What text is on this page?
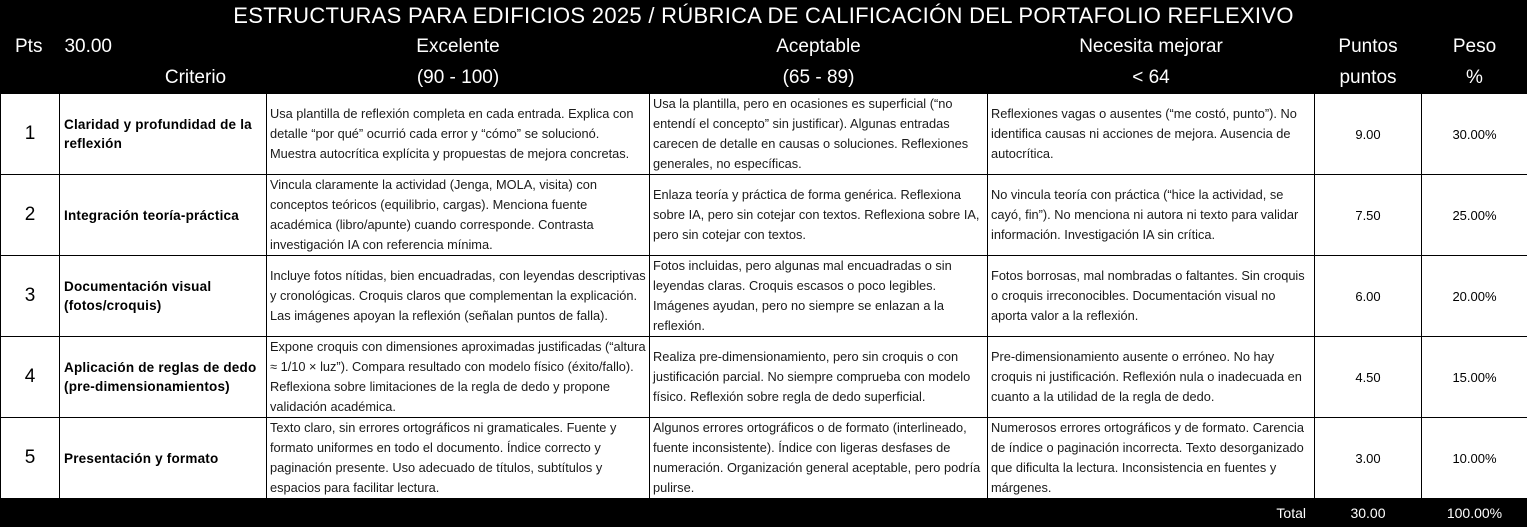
ESTRUCTURAS PARA EDIFICIOS 2025 / RÚBRICA DE CALIFICACIÓN DEL PORTAFOLIO REFLEXIVO
Pts 30.00		Excelente	Aceptable	Necesita mejorar	Puntos	Peso
Criterio		(90 - 100)	(65 - 89)	< 64	puntos	%
1	Claridad y profundidad de la reflexión	Usa plantilla de reflexión completa en cada entrada. Explica con detalle “por qué” ocurrió cada error y “cómo” se solucionó. Muestra autocrítica explícita y propuestas de mejora concretas.	Usa la plantilla, pero en ocasiones es superficial (“no entendí el concepto” sin justificar). Algunas entradas carecen de detalle en causas o soluciones. Reflexiones generales, no específicas.	Reflexiones vagas o ausentes (“me costó, punto”). No identifica causas ni acciones de mejora. Ausencia de autocrítica.	9.00	30.00%
2	Integración teoría-práctica	Vincula claramente la actividad (Jenga, MOLA, visita) con conceptos teóricos (equilibrio, cargas). Menciona fuente académica (libro/apunte) cuando corresponde. Contrasta investigación IA con referencia mínima.	Enlaza teoría y práctica de forma genérica. Reflexiona sobre IA, pero sin cotejar con textos. Reflexiona sobre IA, pero sin cotejar con textos.	No vincula teoría con práctica (“hice la actividad, se cayó, fin”). No menciona ni autora ni texto para validar información. Investigación IA sin crítica.	7.50	25.00%
3	Documentación visual (fotos/croquis)	Incluye fotos nítidas, bien encuadradas, con leyendas descriptivas y cronológicas. Croquis claros que complementan la explicación. Las imágenes apoyan la reflexión (señalan puntos de falla).	Fotos incluidas, pero algunas mal encuadradas o sin leyendas claras. Croquis escasos o poco legibles. Imágenes ayudan, pero no siempre se enlazan a la reflexión.	Fotos borrosas, mal nombradas o faltantes. Sin croquis o croquis irreconocibles. Documentación visual no aporta valor a la reflexión.	6.00	20.00%
4	Aplicación de reglas de dedo (pre-dimensionamientos)	Expone croquis con dimensiones aproximadas justificadas (“altura ≈ 1/10 × luz”). Compara resultado con modelo físico (éxito/fallo). Reflexiona sobre limitaciones de la regla de dedo y propone validación académica.	Realiza pre-dimensionamiento, pero sin croquis o con justificación parcial. No siempre comprueba con modelo físico. Reflexión sobre regla de dedo superficial.	Pre-dimensionamiento ausente o erróneo. No hay croquis ni justificación. Reflexión nula o inadecuada en cuanto a la utilidad de la regla de dedo.	4.50	15.00%
5	Presentación y formato	Texto claro, sin errores ortográficos ni gramaticales. Fuente y formato uniformes en todo el documento. Índice correcto y paginación presente. Uso adecuado de títulos, subtítulos y espacios para facilitar lectura.	Algunos errores ortográficos o de formato (interlineado, fuente inconsistente). Índice con ligeras desfases de numeración. Organización general aceptable, pero podría pulirse.	Numerosos errores ortográficos y de formato. Carencia de índice o paginación incorrecta. Texto desorganizado que dificulta la lectura. Inconsistencia en fuentes y márgenes.	3.00	10.00%
Total					30.00	100.00%
